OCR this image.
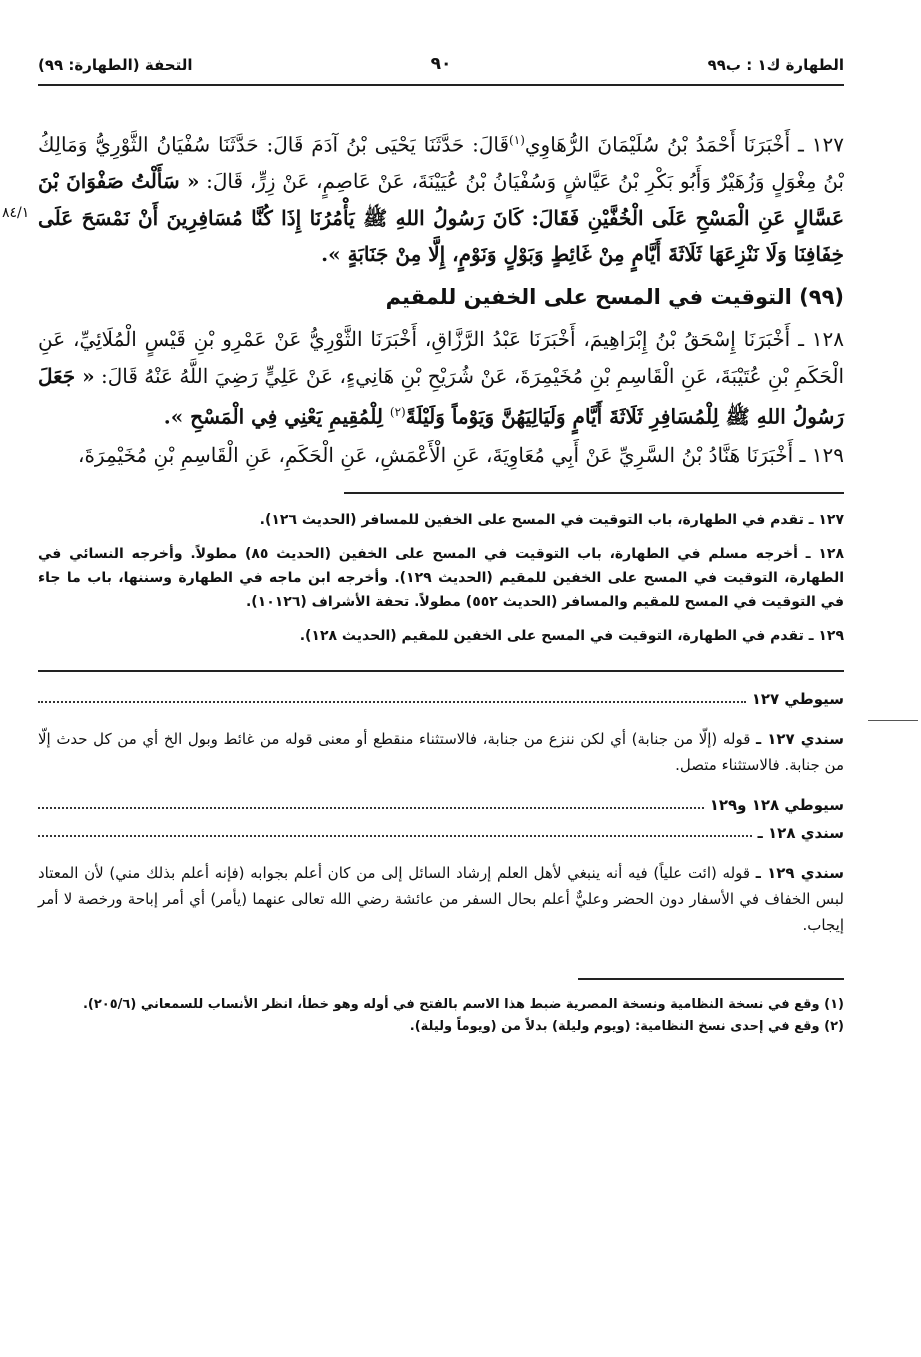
الطهارة ك١ : ب٩٩
٩٠
التحفة (الطهارة: ٩٩)

١٢٧ ـ أَخْبَرَنَا أَحْمَدُ بْنُ سُلَيْمَانَ الرُّهَاوِي$^{(١)}$قَالَ: حَدَّثَنَا يَحْيَى بْنُ آدَمَ قَالَ: حَدَّثَنَا سُفْيَانُ الثَّوْرِيُّ وَمَالِكُ بْنُ مِغْوَلٍ وَزُهَيْرٌ وَأَبُو بَكْرِ بْنُ عَيَّاشٍ وَسُفْيَانُ بْنُ عُيَيْنَةَ، عَنْ عَاصِمٍ، عَنْ زِرٍّ، قَالَ: « سَأَلْتُ صَفْوَانَ بْنَ عَسَّالٍ عَنِ الْمَسْحِ عَلَى الْخُفَّيْنِ فَقَالَ: كَانَ رَسُولُ اللهِ ﷺ يَأْمُرُنَا إِذَا كُنَّا مُسَافِرِينَ أَنْ نَمْسَحَ عَلَى خِفَافِنَا وَلَا نَنْزِعَهَا ثَلَاثَةَ أَيَّامٍ مِنْ غَائِطٍ وَبَوْلٍ وَنَوْمٍ، إِلَّا مِنْ جَنَابَةٍ ».
٨٤/١

(٩٩) التوقيت في المسح على الخفين للمقيم

١٢٨ ـ أَخْبَرَنَا إِسْحَقُ بْنُ إِبْرَاهِيمَ، أَخْبَرَنَا عَبْدُ الرَّزَّاقِ، أَخْبَرَنَا الثَّوْرِيُّ عَنْ عَمْرِو بْنِ قَيْسٍ الْمُلَائِيِّ، عَنِ الْحَكَمِ بْنِ عُتَيْبَةَ، عَنِ الْقَاسِمِ بْنِ مُخَيْمِرَةَ، عَنْ شُرَيْحِ بْنِ هَانِيءٍ، عَنْ عَلِيٍّ رَضِيَ اللَّهُ عَنْهُ قَالَ: « جَعَلَ رَسُولُ اللهِ ﷺ لِلْمُسَافِرِ ثَلَاثَةَ أَيَّامٍ وَلَيَالِيَهُنَّ وَيَوْماً وَلَيْلَةً$^{(٢)}$ لِلْمُقِيمِ يَعْنِي فِي الْمَسْحِ ».

١٢٩ ـ أَخْبَرَنَا هَنَّادُ بْنُ السَّرِيِّ عَنْ أَبِي مُعَاوِيَةَ، عَنِ الْأَعْمَشِ، عَنِ الْحَكَمِ، عَنِ الْقَاسِمِ بْنِ مُخَيْمِرَةَ،

١٢٧ ـ تقدم في الطهارة، باب التوقيت في المسح على الخفين للمسافر (الحديث ١٢٦).
١٢٨ ـ أخرجه مسلم في الطهارة، باب التوقيت في المسح على الخفين (الحديث ٨٥) مطولاً. وأخرجه النسائي في الطهارة، التوقيت في المسح على الخفين للمقيم (الحديث ١٢٩). وأخرجه ابن ماجه في الطهارة وسننها، باب ما جاء في التوقيت في المسح للمقيم والمسافر (الحديث ٥٥٢) مطولاً. تحفة الأشراف (١٠١٢٦).
١٢٩ ـ تقدم في الطهارة، التوقيت في المسح على الخفين للمقيم (الحديث ١٢٨).
سيوطي ١٢٧
سندي ١٢٧ ـ قوله (إلّا من جنابة) أي لكن ننزع من جنابة، فالاستثناء منقطع أو معنى قوله من غائط وبول الخ أي من كل حدث إلّا من جنابة. فالاستثناء متصل.
سيوطي ١٢٨ و١٢٩
سندي ١٢٨ ـ
سندي ١٢٩ ـ قوله (ائت علياً) فيه أنه ينبغي لأهل العلم إرشاد السائل إلى من كان أعلم بجوابه (فإنه أعلم بذلك مني) لأن المعتاد لبس الخفاف في الأسفار دون الحضر وعليٌّ أعلم بحال السفر من عائشة رضي الله تعالى عنهما (يأمر) أي أمر إباحة ورخصة لا أمر إيجاب.
(١) وقع في نسخة النظامية ونسخة المصرية ضبط هذا الاسم بالفتح في أوله وهو خطأ، انظر الأنساب للسمعاني (٢٠٥/٦).
(٢) وقع في إحدى نسخ النظامية: (ويوم وليلة) بدلاً من (ويوماً وليلة).
